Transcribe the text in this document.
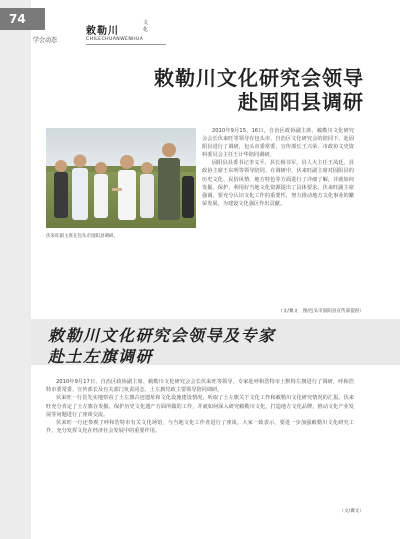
74
学会动态
敕勒川
文
化
CHILECHUANWENHUA
敕勒川文化研究会领导
赴固阳县调研
伏来旺副主席在包头市固阳县调研。

2010年9月15、16日，自治区政协副主席、敕勒川文化研究会会长伏来旺等领导在包头市、自治区文化研究会的陪同下，赴固阳县进行了调研，包头市委常委、宣传部长王兴荣、市政协文史资料委员会主任王计华陪同调研。

固阳县县委书记李义平、县长杨书军，县人大主任王凤廷、县政协主席王东明等领导陪同。在调研中，伏来旺副主席对固阳县的历史文化、民俗风情、地方特色等方面进行了详细了解，并就如何发掘、保护、利用好当地文化资源提出了具体要求。伏来旺副主席强调，要充分认识文化工作的重要性，努力推动地方文化事业的繁荣发展，为建设文化强区作出贡献。

（文/翼文　图/包头市固阳县宣传部提供）
敕勒川文化研究会领导及专家
赴土左旗调研

2010年9月17日，自治区政协副主席、敕勒川文化研究会会长伏来旺等领导、专家赴呼和浩特市土默特左旗进行了调研，呼和浩特市委常委、宣传部长及有关部门负责同志，土左旗党政主要领导陪同调研。

伏来旺一行首先实地察看了土左旗古迹遗址和文化设施建设情况，听取了土左旗关于文化工作和敕勒川文化研究情况的汇报。伏来旺充分肯定了土左旗在发掘、保护历史文化遗产方面所做的工作，并就如何深入研究敕勒川文化，打造地方文化品牌，推动文化产业发展等问题进行了座谈交流。

伏来旺一行还参观了呼和浩特市有关文化场馆，与当地文化工作者进行了座谈。大家一致表示，要进一步加强敕勒川文化研究工作，充分发挥文化在经济社会发展中的重要作用。

（文/翼文）
